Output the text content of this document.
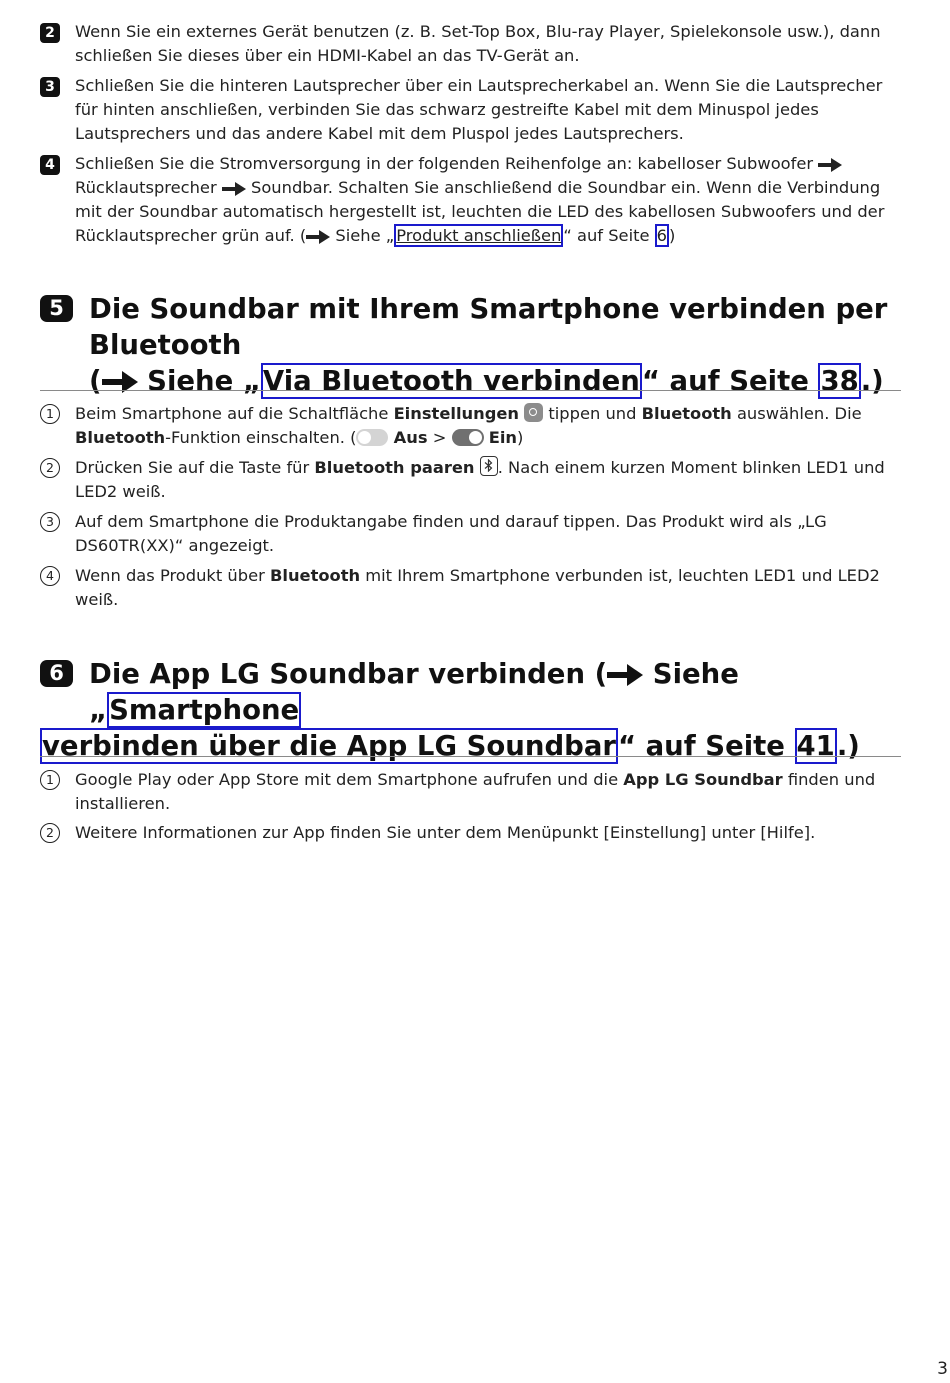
2	Wenn Sie ein externes Gerät benutzen (z. B. Set-Top Box, Blu-ray Player, Spielekonsole usw.), dann schließen Sie dieses über ein HDMI-Kabel an das TV-Gerät an.
3	Schließen Sie die hinteren Lautsprecher über ein Lautsprecherkabel an. Wenn Sie die Lautsprecher für hinten anschließen, verbinden Sie das schwarz gestreifte Kabel mit dem Minuspol jedes Lautsprechers und das andere Kabel mit dem Pluspol jedes Lautsprechers.
4	Schließen Sie die Stromversorgung in der folgenden Reihenfolge an: kabelloser Subwoofer  Rücklautsprecher Soundbar. Schalten Sie anschließend die Soundbar ein. Wenn die Verbindung mit der Soundbar automatisch hergestellt ist, leuchten die LED des kabellosen Subwoofers und der Rücklautsprecher grün auf. ( Siehe „ Produkt anschließen “ auf Seite 6 )
5 Die Soundbar mit Ihrem Smartphone verbinden per Bluetooth
( Siehe „Via Bluetooth verbinden“ auf Seite 38.)
1	Beim Smartphone auf die Schaltfläche Einstellungen  tippen und Bluetooth auswählen. Die
Bluetooth-Funktion einschalten. ( Aus >  Ein)
2	Drücken Sie auf die Taste für Bluetooth paaren . Nach einem kurzen Moment blinken LED1 und LED2 weiß.
3	Auf dem Smartphone die Produktangabe finden und darauf tippen. Das Produkt wird als „LG DS60TR(XX)“ angezeigt.
4	Wenn das Produkt über Bluetooth mit Ihrem Smartphone verbunden ist, leuchten LED1 und LED2 weiß.
6 Die App LG Soundbar verbinden ( Siehe „Smartphone
verbinden über die App LG Soundbar“ auf Seite 41.)
1	Google Play oder App Store mit dem Smartphone aufrufen und die App LG Soundbar finden und installieren.
2	Weitere Informationen zur App finden Sie unter dem Menüpunkt [Einstellung] unter [Hilfe].
3
